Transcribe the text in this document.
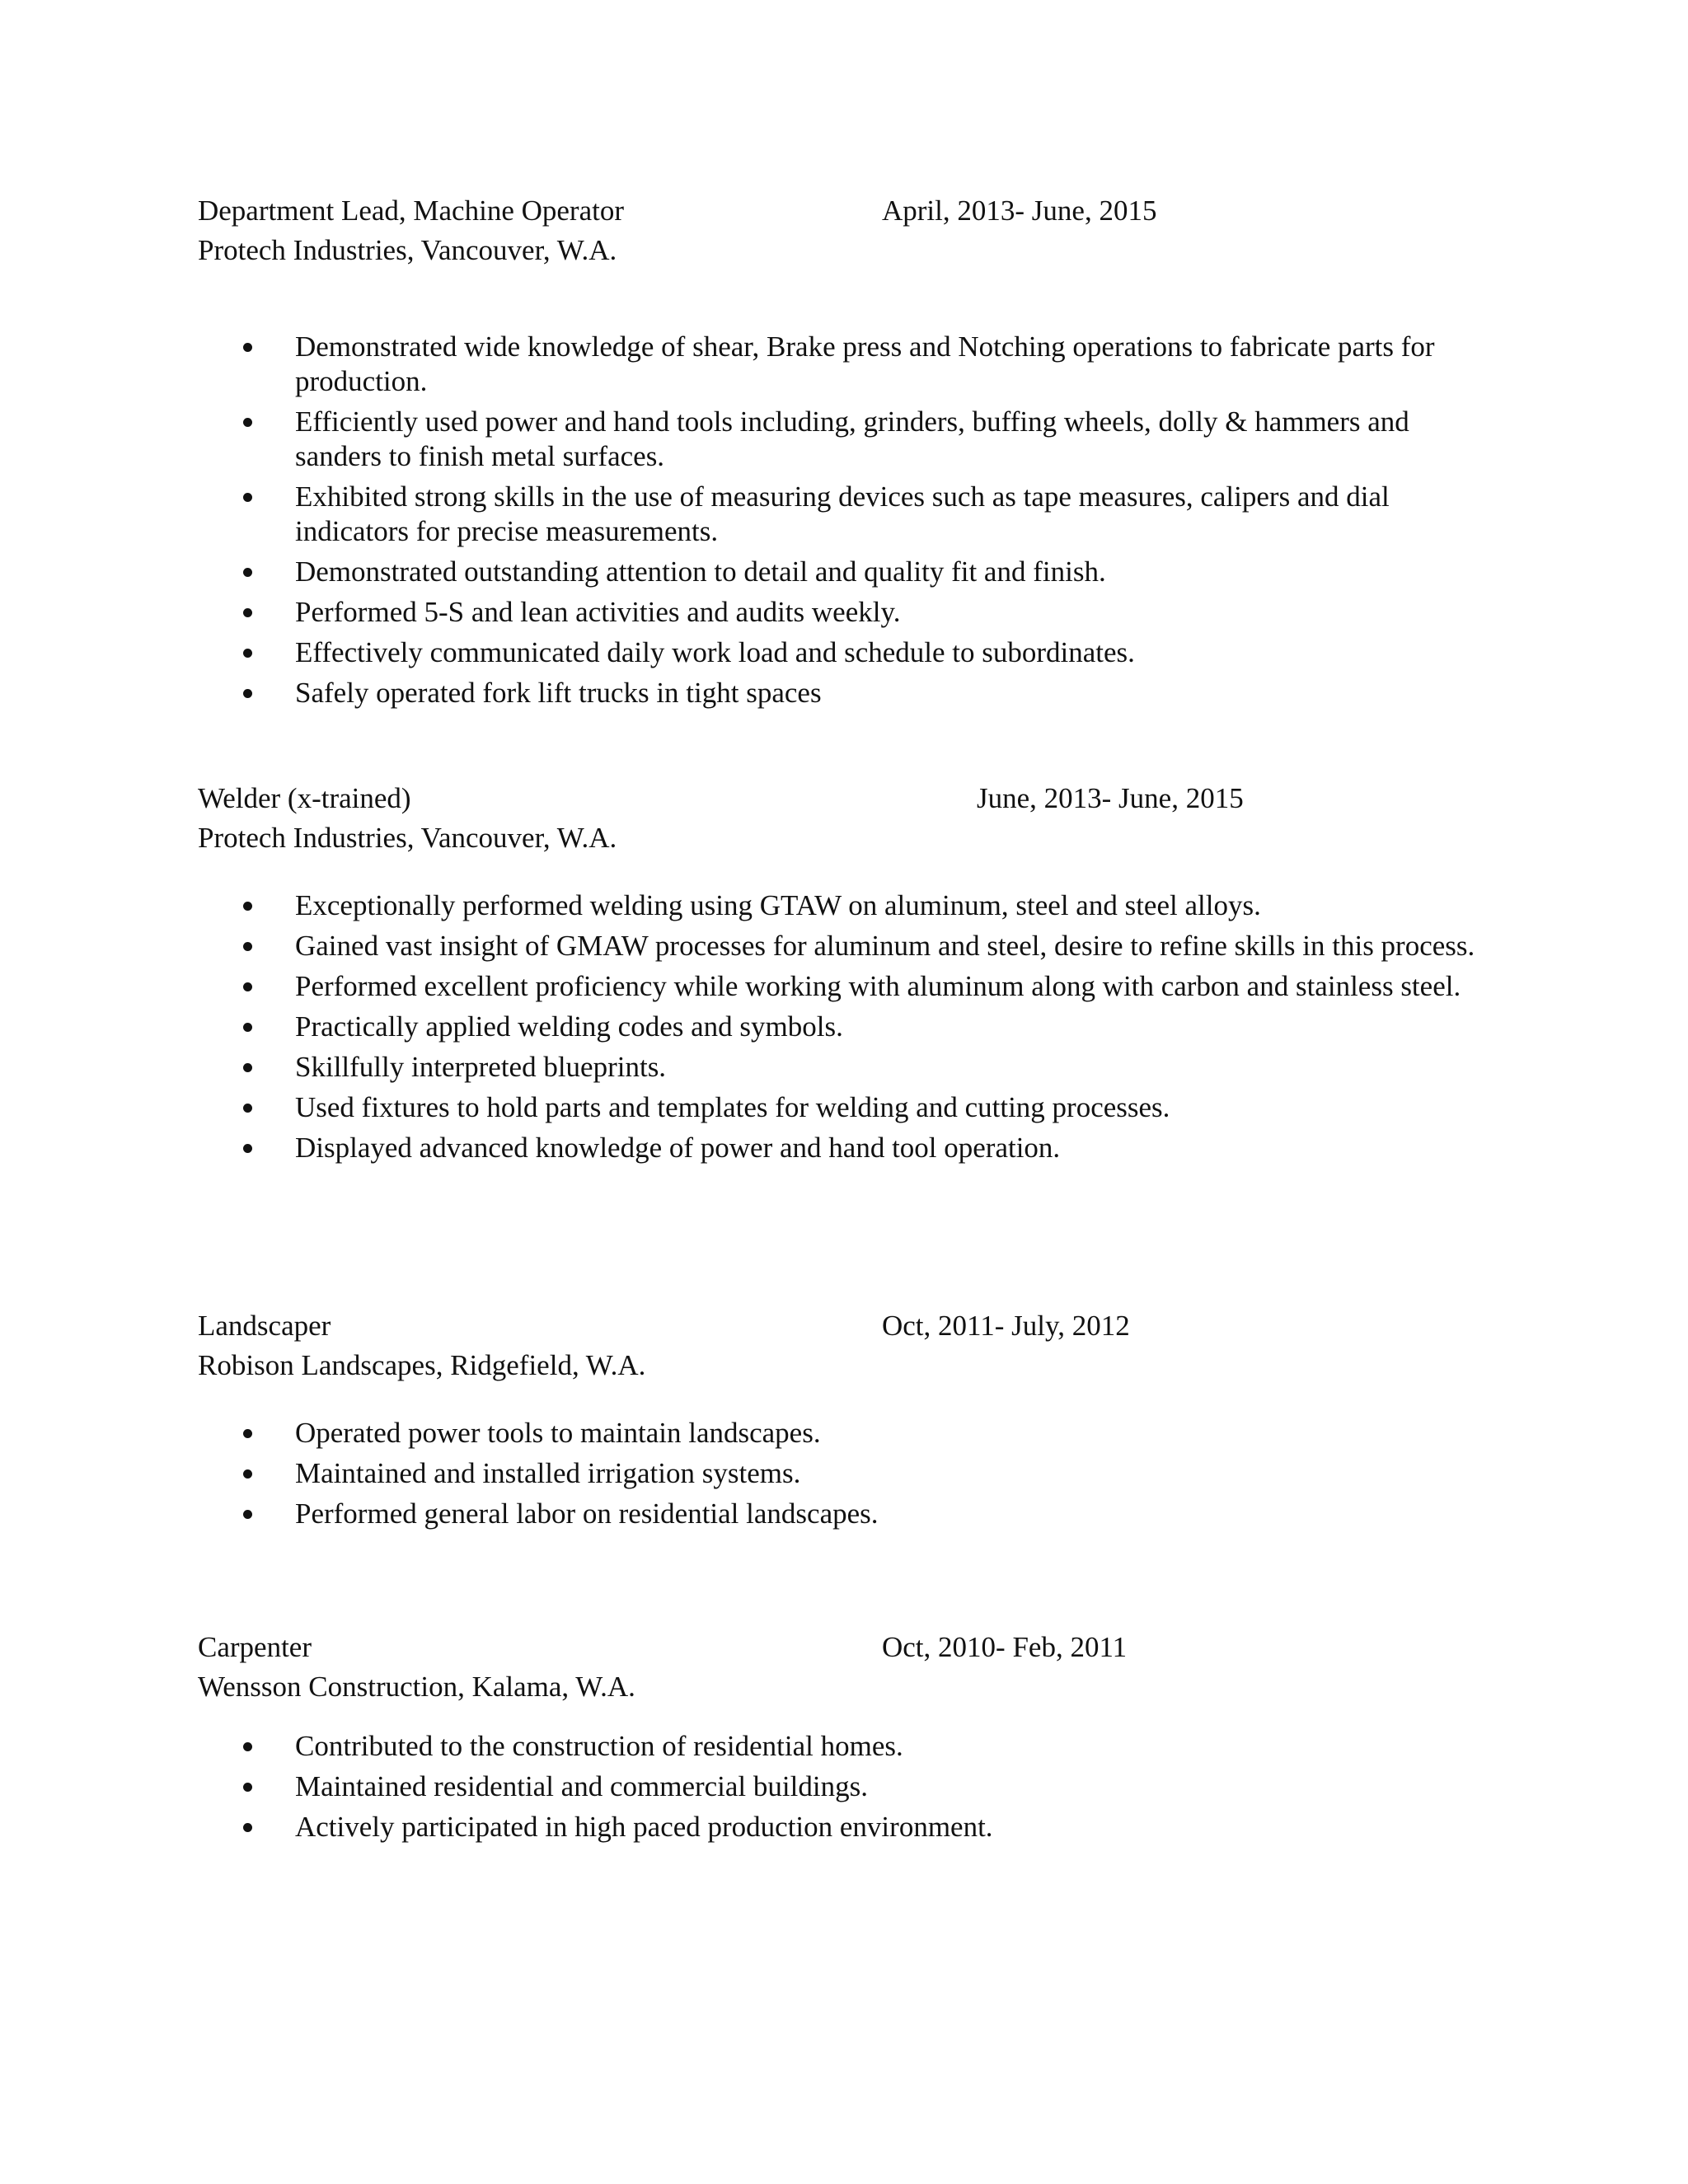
Department Lead, Machine Operator	April, 2013- June, 2015
Protech Industries, Vancouver, W.A.
Demonstrated wide knowledge of shear, Brake press and Notching operations to fabricate parts for production.
Efficiently used power and hand tools including, grinders, buffing wheels, dolly & hammers and sanders to finish metal surfaces.
Exhibited strong skills in the use of measuring devices such as tape measures, calipers and dial indicators for precise measurements.
Demonstrated outstanding attention to detail and quality fit and finish.
Performed 5-S and lean activities and audits weekly.
Effectively communicated daily work load and schedule to subordinates.
Safely operated fork lift trucks in tight spaces
Welder (x-trained)	June, 2013- June, 2015
Protech Industries, Vancouver, W.A.
Exceptionally performed welding using GTAW on aluminum, steel and steel alloys.
Gained vast insight of GMAW processes for aluminum and steel, desire to refine skills in this process.
Performed excellent proficiency while working with aluminum along with carbon and stainless steel.
Practically applied welding codes and symbols.
Skillfully interpreted blueprints.
Used fixtures to hold parts and templates for welding and cutting processes.
Displayed advanced knowledge of power and hand tool operation.
Landscaper	Oct, 2011- July, 2012
Robison Landscapes, Ridgefield, W.A.
Operated power tools to maintain landscapes.
Maintained and installed irrigation systems.
Performed general labor on residential landscapes.
Carpenter	Oct, 2010- Feb, 2011
Wensson Construction, Kalama, W.A.
Contributed to the construction of residential homes.
Maintained residential and commercial buildings.
Actively participated in high paced production environment.
